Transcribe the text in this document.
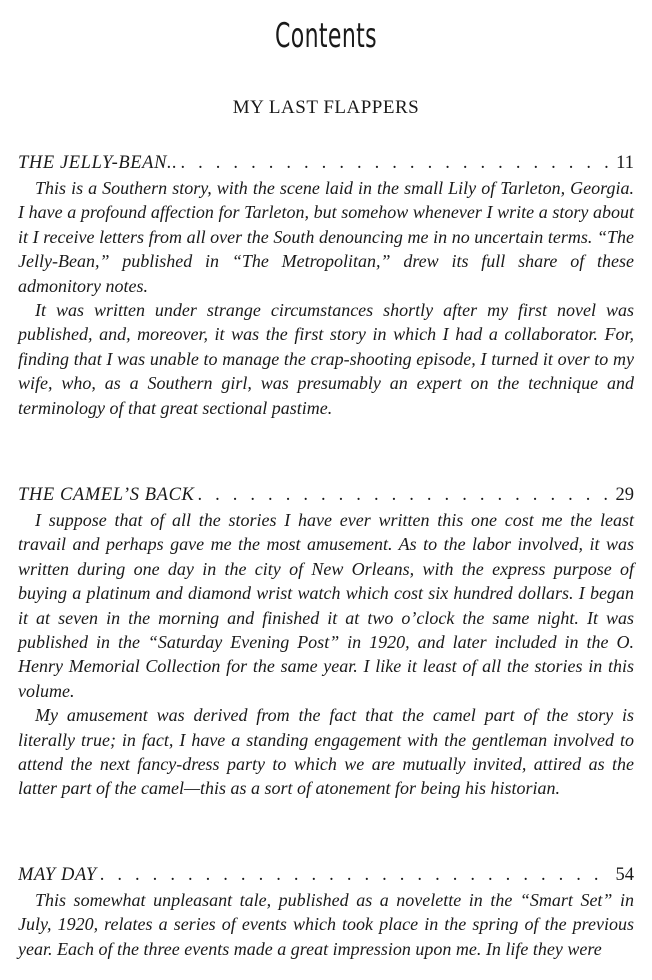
Contents
MY LAST FLAPPERS
THE JELLY-BEAN.. . . .	11

This is a Southern story, with the scene laid in the small Lily of Tarleton, Georgia. I have a profound affection for Tarleton, but somehow whenever I write a story about it I receive letters from all over the South denouncing me in no uncertain terms. “The Jelly-Bean,” published in “The Metropolitan,” drew its full share of these admonitory notes.

It was written under strange circumstances shortly after my first novel was published, and, moreover, it was the first story in which I had a collaborator. For, finding that I was unable to manage the crap-shooting episode, I turned it over to my wife, who, as a Southern girl, was presumably an expert on the technique and terminology of that great sectional pastime.

THE CAMEL’S BACK . . .	29

I suppose that of all the stories I have ever written this one cost me the least travail and perhaps gave me the most amusement. As to the labor involved, it was written during one day in the city of New Orleans, with the express purpose of buying a platinum and diamond wrist watch which cost six hundred dollars. I began it at seven in the morning and finished it at two o’clock the same night. It was published in the “Saturday Evening Post” in 1920, and later included in the O. Henry Memorial Collection for the same year. I like it least of all the stories in this volume.

My amusement was derived from the fact that the camel part of the story is literally true; in fact, I have a standing engagement with the gentleman involved to attend the next fancy-dress party to which we are mutually invited, attired as the latter part of the camel—this as a sort of atonement for being his historian.

MAY DAY . . .	54

This somewhat unpleasant tale, published as a novelette in the “Smart Set” in July, 1920, relates a series of events which took place in the spring of the previous year. Each of the three events made a great impression upon me. In life they were
